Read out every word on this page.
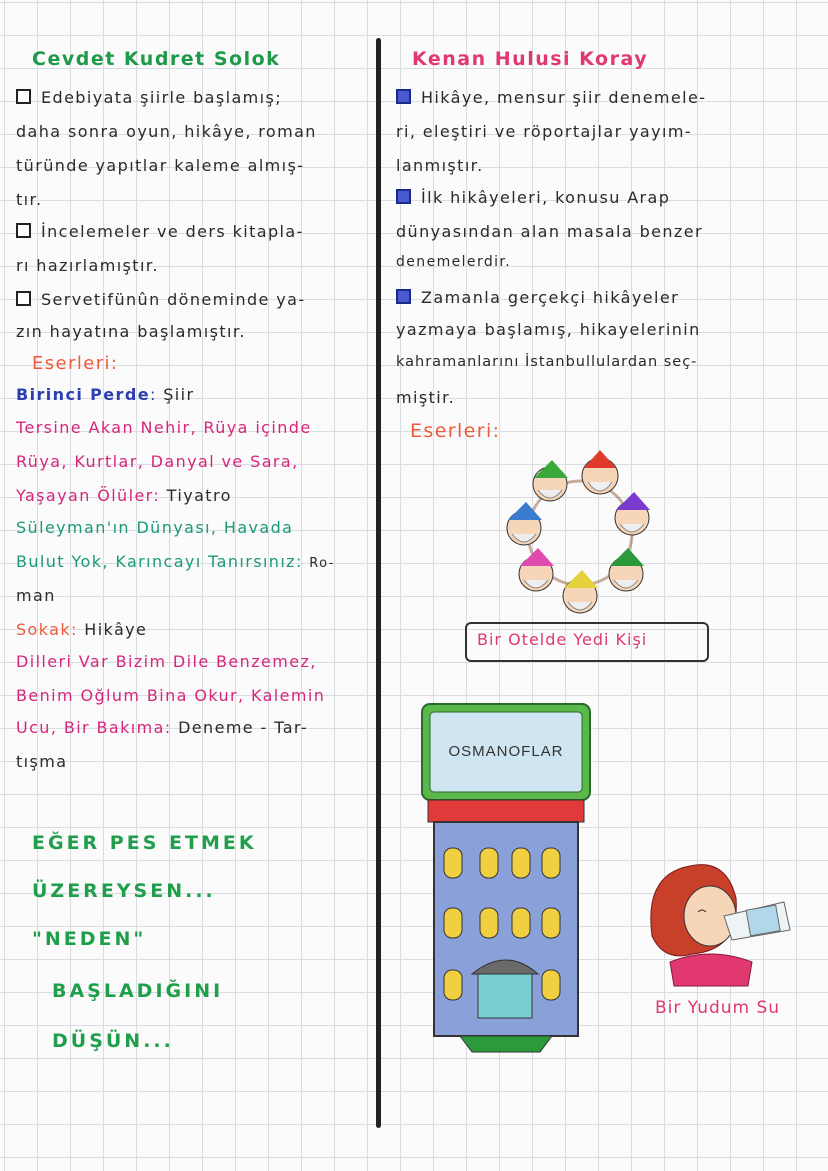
Cevdet Kudret Solok
Edebiyata şiirle başlamış;
daha sonra oyun, hikâye, roman
türünde yapıtlar kaleme almış-
tır.
İncelemeler ve ders kitapla-
rı hazırlamıştır.
Servetifünûn döneminde ya-
zın hayatına başlamıştır.
Eserleri:
Birinci Perde: Şiir
Tersine Akan Nehir, Rüya içinde
Rüya, Kurtlar, Danyal ve Sara,
Yaşayan Ölüler: Tiyatro
Süleyman'ın Dünyası, Havada
Bulut Yok, Karıncayı Tanırsınız: Ro-
man
Sokak: Hikâye
Dilleri Var Bizim Dile Benzemez,
Benim Oğlum Bina Okur, Kalemin
Ucu, Bir Bakıma: Deneme - Tar-
tışma
EĞER PES ETMEK
ÜZEREYSEN...
"NEDEN"
BAŞLADIĞINI
DÜŞÜN...
Kenan Hulusi Koray
Hikâye, mensur şiir denemele-
ri, eleştiri ve röportajlar yayım-
lanmıştır.
İlk hikâyeleri, konusu Arap
dünyasından alan masala benzer
denemelerdir.
Zamanla gerçekçi hikâyeler
yazmaya başlamış, hikayelerinin
kahramanlarını İstanbullulardan seç-
miştir.
Eserleri:
Bir Otelde Yedi Kişi
OSMANOFLAR
Bir Yudum Su
